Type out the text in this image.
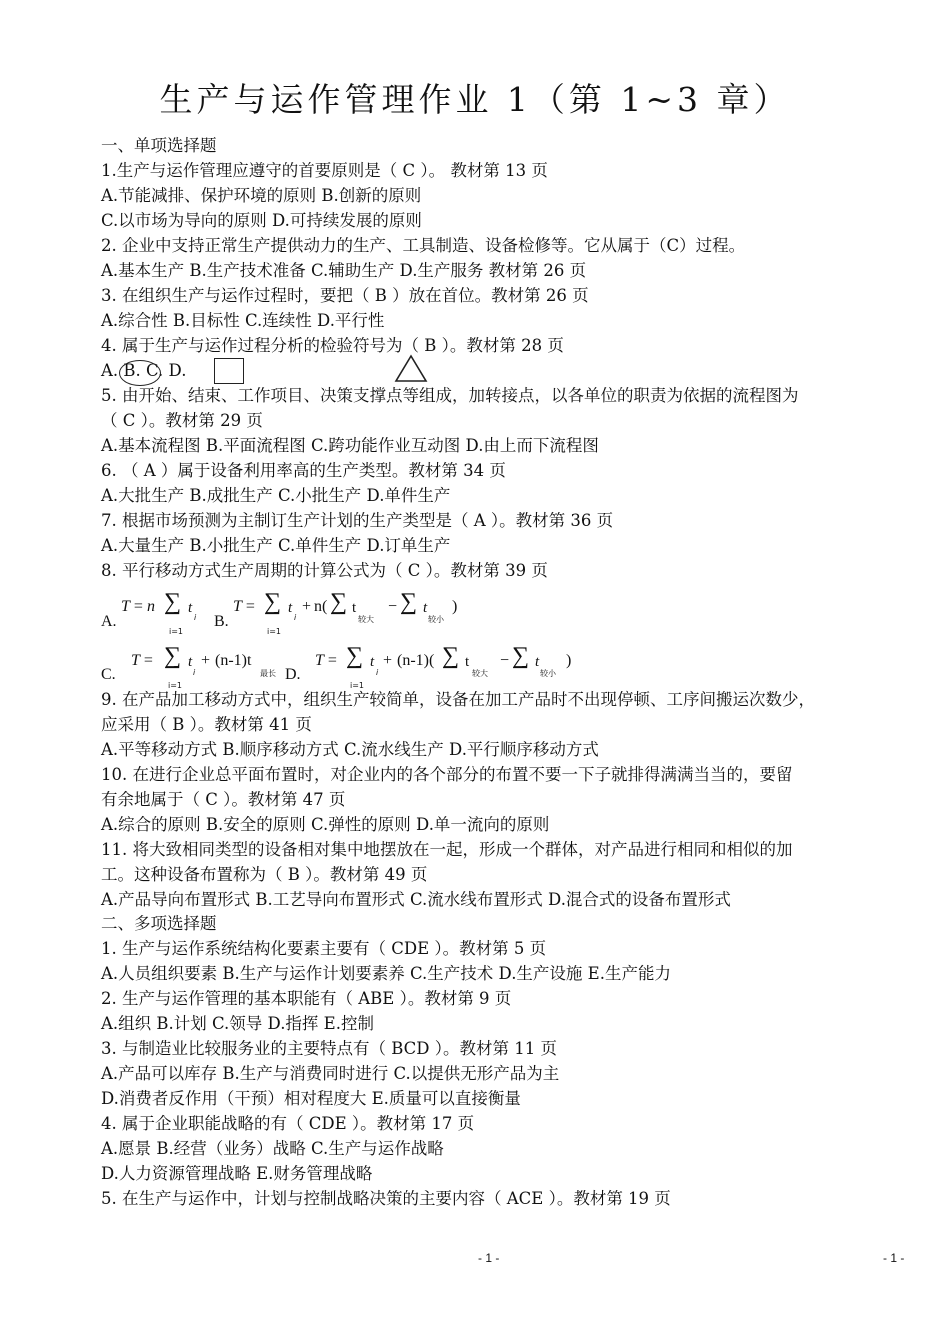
生产与运作管理作业 1（第 1~3 章）
一、单项选择题
1.生产与运作管理应遵守的首要原则是（ C ）。 教材第 13 页
A.节能减排、保护环境的原则 B.创新的原则
C.以市场为导向的原则 D.可持续发展的原则
2. 企业中支持正常生产提供动力的生产、工具制造、设备检修等。它从属于（C）过程。
A.基本生产 B.生产技术准备 C.辅助生产 D.生产服务 教材第 26 页
3. 在组织生产与运作过程时，要把（ B ）放在首位。教材第 26 页
A.综合性 B.目标性 C.连续性 D.平行性
4. 属于生产与运作过程分析的检验符号为（ B ）。教材第 28 页
A. B. C. D.
5. 由开始、结束、工作项目、决策支撑点等组成，加转接点，以各单位的职责为依据的流程图为
（ C ）。教材第 29 页
A.基本流程图 B.平面流程图 C.跨功能作业互动图 D.由上而下流程图
6. （ A ）属于设备利用率高的生产类型。教材第 34 页
A.大批生产 B.成批生产 C.小批生产 D.单件生产
7. 根据市场预测为主制订生产计划的生产类型是（ A ）。教材第 36 页
A.大量生产 B.小批生产 C.单件生产 D.订单生产
8. 平行移动方式生产周期的计算公式为（ C ）。教材第 39 页
A.
T = n ∑ t
i
i=1
B.
T = ∑ t
i
i=1
+ n( ∑ t
较大
− ∑ t
较小
)
C.
T = ∑ t
i
i=1
+ (n-1)t
最长 D.
T = ∑ t
i
i=1
+ (n-1)( ∑ t
较大
− ∑ t
较小
)
9. 在产品加工移动方式中，组织生产较简单，设备在加工产品时不出现停顿、工序间搬运次数少，
应采用（ B ）。教材第 41 页
A.平等移动方式 B.顺序移动方式 C.流水线生产 D.平行顺序移动方式
10. 在进行企业总平面布置时，对企业内的各个部分的布置不要一下子就排得满满当当的，要留
有余地属于（ C ）。教材第 47 页
A.综合的原则 B.安全的原则 C.弹性的原则 D.单一流向的原则
11. 将大致相同类型的设备相对集中地摆放在一起，形成一个群体，对产品进行相同和相似的加
工。这种设备布置称为（ B ）。教材第 49 页
A.产品导向布置形式 B.工艺导向布置形式 C.流水线布置形式 D.混合式的设备布置形式
二、多项选择题
1. 生产与运作系统结构化要素主要有（ CDE ）。教材第 5 页
A.人员组织要素 B.生产与运作计划要素养 C.生产技术 D.生产设施 E.生产能力
2. 生产与运作管理的基本职能有（ ABE ）。教材第 9 页
A.组织 B.计划 C.领导 D.指挥 E.控制
3. 与制造业比较服务业的主要特点有（ BCD ）。教材第 11 页
A.产品可以库存 B.生产与消费同时进行 C.以提供无形产品为主
D.消费者反作用（干预）相对程度大 E.质量可以直接衡量
4. 属于企业职能战略的有（ CDE ）。教材第 17 页
A.愿景 B.经营（业务）战略 C.生产与运作战略
D.人力资源管理战略 E.财务管理战略
5. 在生产与运作中，计划与控制战略决策的主要内容（ ACE ）。教材第 19 页
- 1 -	- 1 -
